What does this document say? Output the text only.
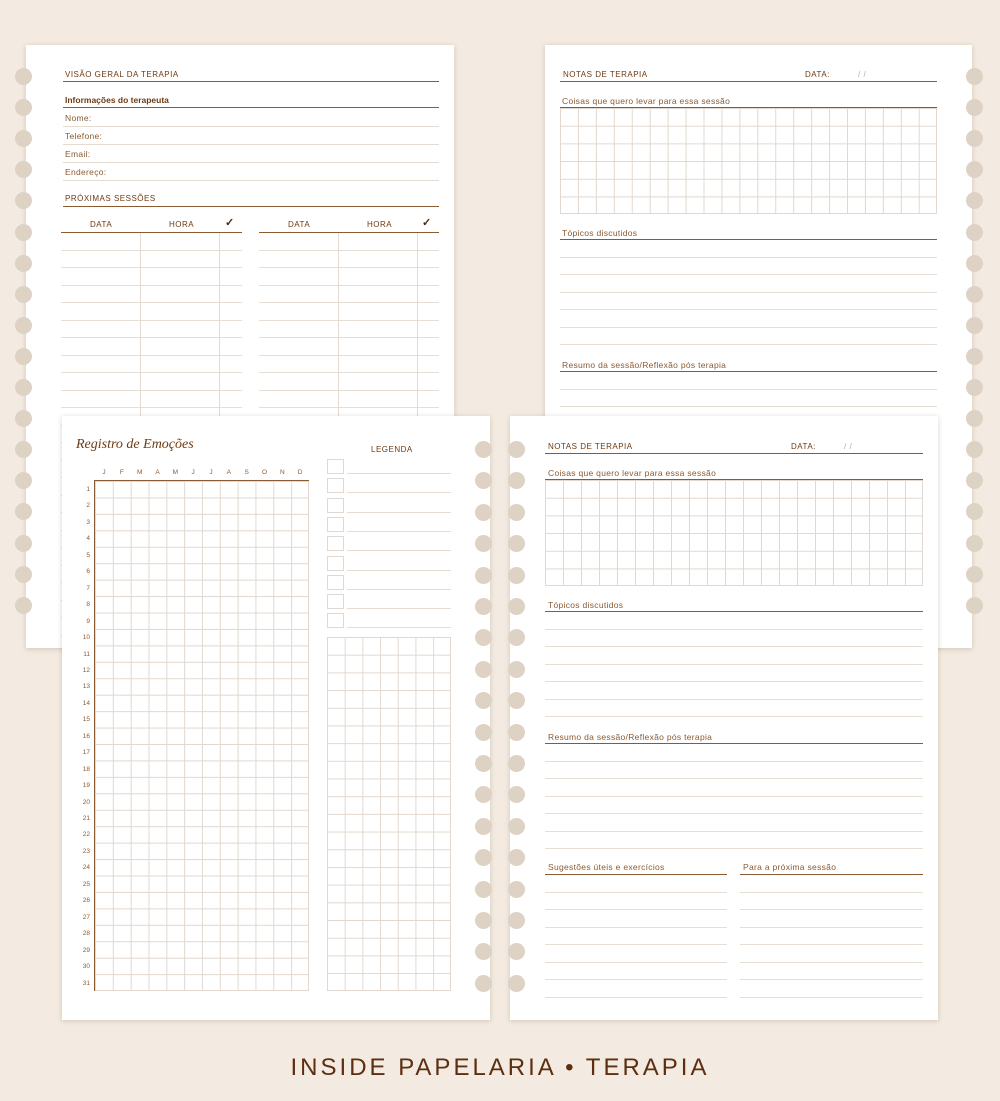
VISÃO GERAL DA TERAPIA
Informações do terapeuta
Nome:
Telefone:
Email:
Endereço:
PRÓXIMAS SESSÕES
DATA	HORA	✓	DATA	HORA	✓
NOTAS DE TERAPIA	DATA:	/ /
Coisas que quero levar para essa sessão
Tópicos discutidos
Resumo da sessão/Reflexão pós terapia
Registro de Emoções	LEGENDA
J	F	M	A	M	J	J	A	S	O	N	D
1
2
3
4
5
6
7
8
9
10
11
12
13
14
15
16
17
18
19
20
21
22
23
24
25
26
27
28
29
30
31
NOTAS DE TERAPIA	DATA:	/ /
Coisas que quero levar para essa sessão
Tópicos discutidos
Resumo da sessão/Reflexão pós terapia
Sugestões úteis e exercícios	Para a próxima sessão
INSIDE PAPELARIA • TERAPIA
